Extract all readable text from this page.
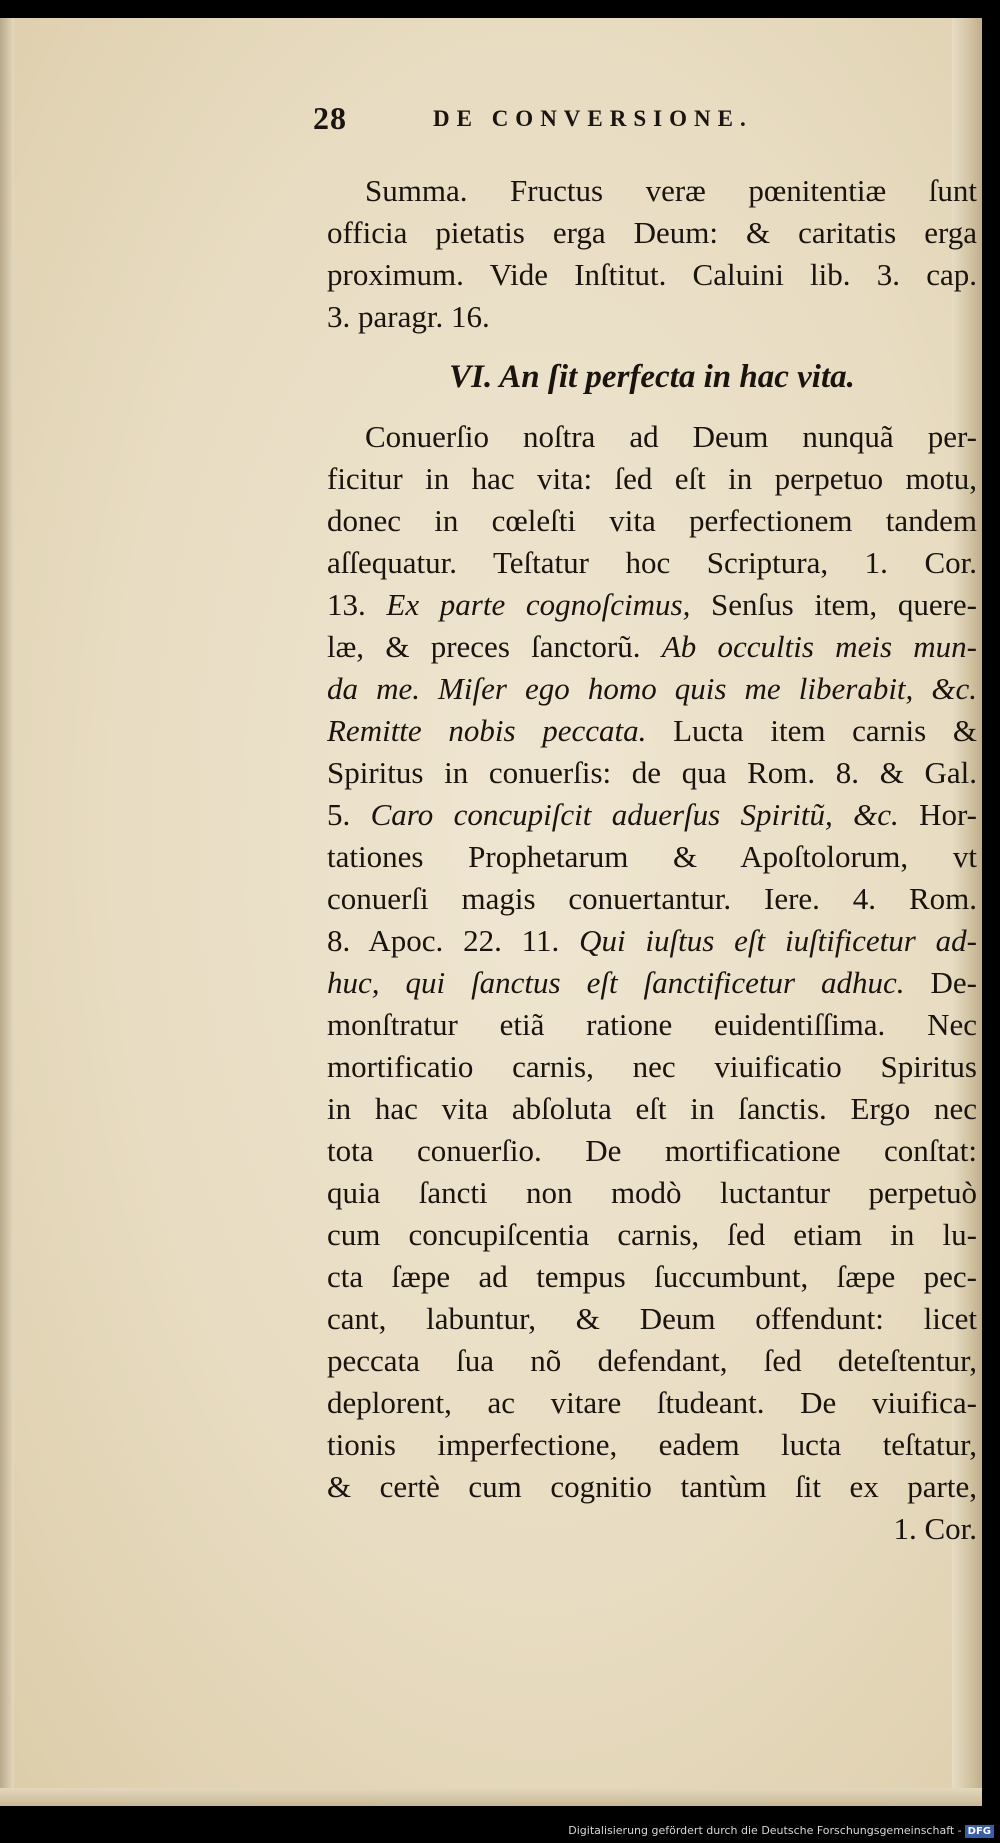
28	DE CONVERSIONE.
Summa. Fructus veræ pœnitentiæ ſunt
officia pietatis erga Deum: & caritatis erga
proximum. Vide Inſtitut. Caluini lib. 3. cap.
3. paragr. 16.
VI. An ſit perfecta in hac vita.
Conuerſio noſtra ad Deum nunquã per-
ficitur in hac vita: ſed eſt in perpetuo motu,
donec in cœleſti vita perfectionem tandem
aſſequatur. Teſtatur hoc Scriptura, 1. Cor.
13. Ex parte cognoſcimus, Senſus item, quere-
læ, & preces ſanctorũ. Ab occultis meis mun-
da me. Miſer ego homo quis me liberabit, &c.
Remitte nobis peccata. Lucta item carnis &
Spiritus in conuerſis: de qua Rom. 8. & Gal.
5. Caro concupiſcit aduerſus Spiritũ, &c. Hor-
tationes Prophetarum & Apoſtolorum, vt
conuerſi magis conuertantur. Iere. 4. Rom.
8. Apoc. 22. 11. Qui iuſtus eſt iuſtificetur ad-
huc, qui ſanctus eſt ſanctificetur adhuc. De-
monſtratur etiã ratione euidentiſſima. Nec
mortificatio carnis, nec viuificatio Spiritus
in hac vita abſoluta eſt in ſanctis. Ergo nec
tota conuerſio. De mortificatione conſtat:
quia ſancti non modò luctantur perpetuò
cum concupiſcentia carnis, ſed etiam in lu-
cta ſæpe ad tempus ſuccumbunt, ſæpe pec-
cant, labuntur, & Deum offendunt: licet
peccata ſua nõ defendant, ſed deteſtentur,
deplorent, ac vitare ſtudeant. De viuifica-
tionis imperfectione, eadem lucta teſtatur,
& certè cum cognitio tantùm ſit ex parte,
1. Cor.
Digitalisierung gefördert durch die Deutsche Forschungsgemeinschaft - DFG
